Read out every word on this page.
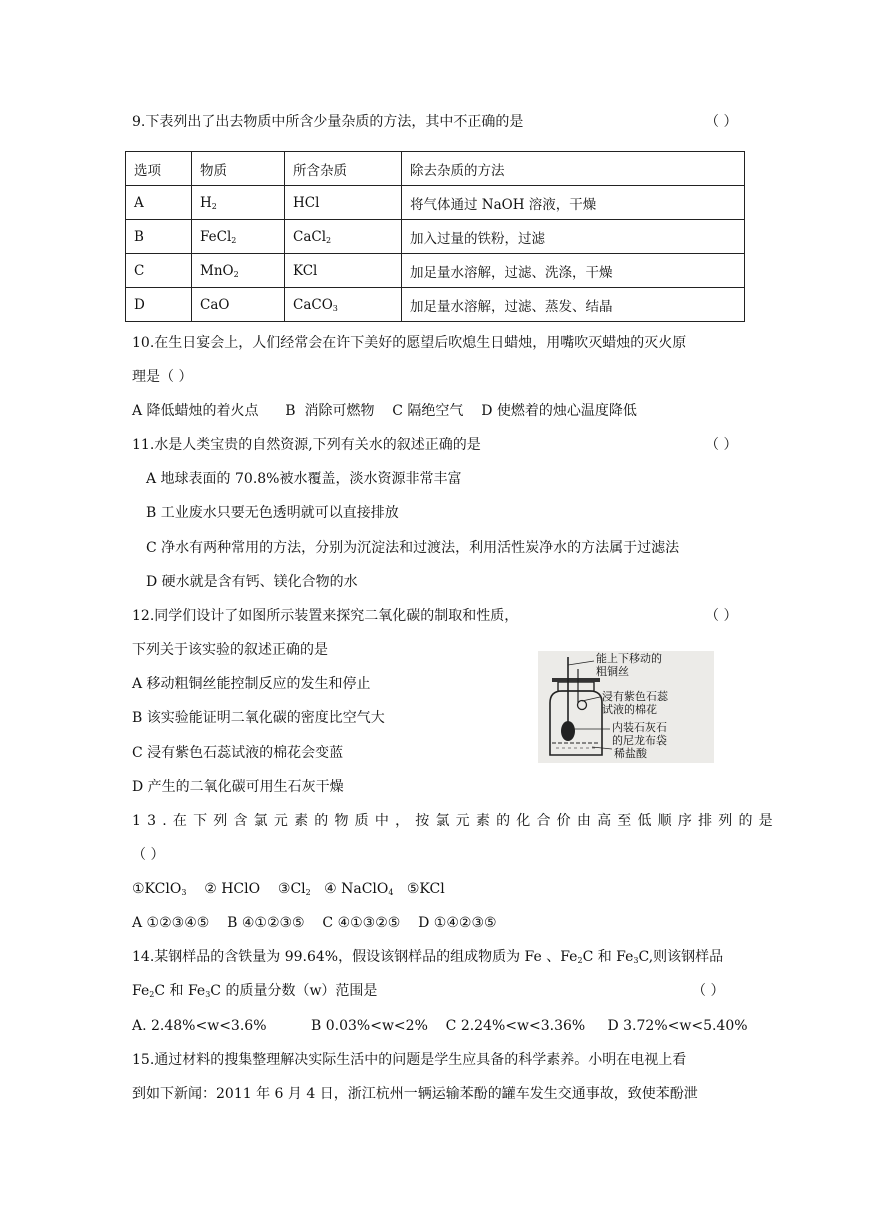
9.下表列出了出去物质中所含少量杂质的方法，其中不正确的是	（ ）
选项	物质	所含杂质	除去杂质的方法
A	$H_2$	HCl	将气体通过 NaOH 溶液，干燥
B	FeCl$_2$	CaCl$_2$	加入过量的铁粉，过滤
C	MnO$_2$	KCl	加足量水溶解，过滤、洗涤，干燥
D	CaO	CaCO$_3$	加足量水溶解，过滤、蒸发、结晶
10.在生日宴会上，人们经常会在许下美好的愿望后吹熄生日蜡烛，用嘴吹灭蜡烛的灭火原
理是（ ）
A 降低蜡烛的着火点      B  消除可燃物    C 隔绝空气    D 使燃着的烛心温度降低
11.水是人类宝贵的自然资源,下列有关水的叙述正确的是	（ ）
A 地球表面的 70.8%被水覆盖，淡水资源非常丰富
B 工业废水只要无色透明就可以直接排放
C 净水有两种常用的方法，分别为沉淀法和过渡法，利用活性炭净水的方法属于过滤法
D 硬水就是含有钙、镁化合物的水
12.同学们设计了如图所示装置来探究二氧化碳的制取和性质，	（ ）
下列关于该实验的叙述正确的是
A 移动粗铜丝能控制反应的发生和停止
B 该实验能证明二氧化碳的密度比空气大
C 浸有紫色石蕊试液的棉花会变蓝
D 产生的二氧化碳可用生石灰干燥
能上下移动的
粗铜丝
浸有紫色石蕊
试液的棉花
内装石灰石
的尼龙布袋
稀盐酸
13.在下列含氯元素的物质中，按氯元素的化合价由高至低顺序排列的是
（ ）
①KClO$_3$ ② HClO $③Cl_2$ ④ NaClO$_4$ ⑤KCl
A ①②③④⑤    B ④①②③⑤    C ④①③②⑤    D ①④②③⑤
14.某钢样品的含铁量为 99.64%，假设该钢样品的组成物质为 Fe 、$Fe_2C$ 和 $Fe_3C$,则该钢样品
$Fe_2C$ 和 $Fe_3C$ 的质量分数（w）范围是	（ ）
A. 2.48%<w<3.6%          B 0.03%<w<2%    C 2.24%<w<3.36%     D 3.72%<w<5.40%
15.通过材料的搜集整理解决实际生活中的问题是学生应具备的科学素养。小明在电视上看
到如下新闻：2011 年 6 月 4 日，浙江杭州一辆运输苯酚的罐车发生交通事故，致使苯酚泄
